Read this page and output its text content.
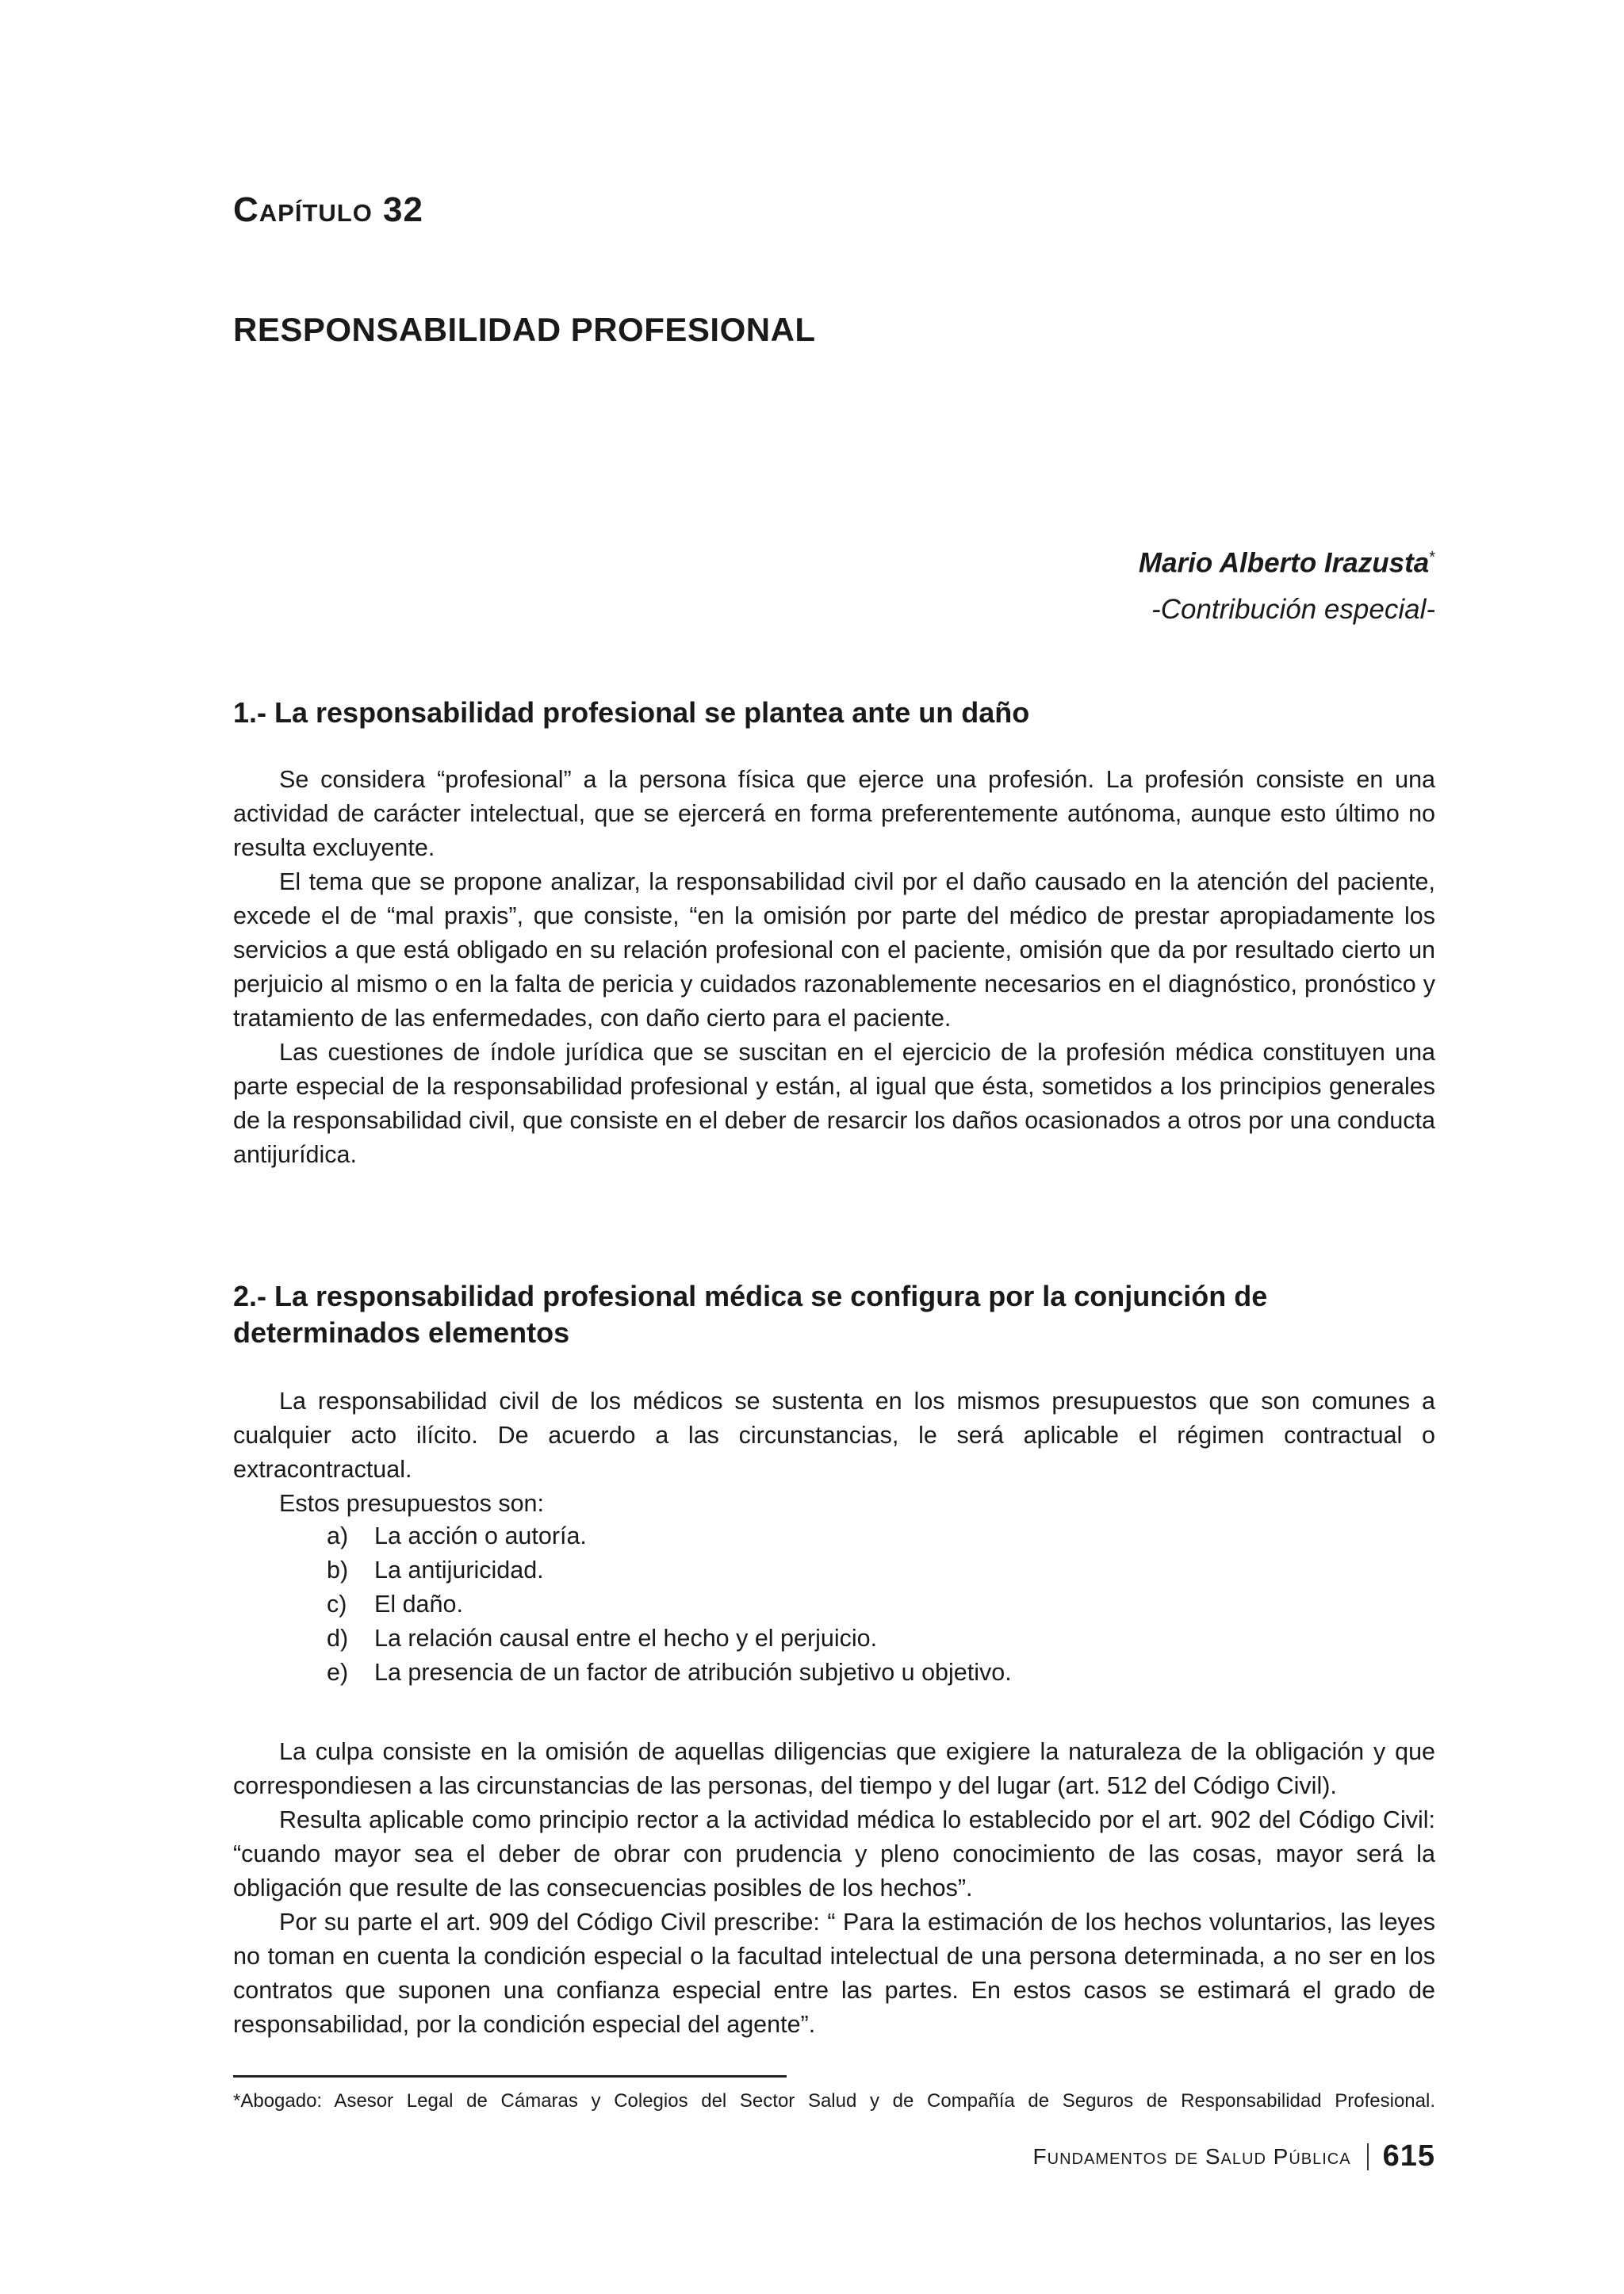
Capítulo 32
RESPONSABILIDAD PROFESIONAL
Mario Alberto Irazusta*
-Contribución especial-
1.- La responsabilidad profesional se plantea ante un daño

Se considera “profesional” a la persona física que ejerce una profesión. La profesión consiste en una actividad de carácter intelectual, que se ejercerá en forma preferentemente autónoma, aunque esto último no resulta excluyente.

El tema que se propone analizar, la responsabilidad civil por el daño causado en la atención del paciente, excede el de “mal praxis”, que consiste, “en la omisión por parte del médico de prestar apropiadamente los servicios a que está obligado en su relación profesional con el paciente, omisión que da por resultado cierto un perjuicio al mismo o en la falta de pericia y cuidados razonablemente necesarios en el diagnóstico, pronóstico y tratamiento de las enfermedades, con daño cierto para el paciente.

Las cuestiones de índole jurídica que se suscitan en el ejercicio de la profesión médica constituyen una parte especial de la responsabilidad profesional y están, al igual que ésta, sometidos a los principios generales de la responsabilidad civil, que consiste en el deber de resarcir los daños ocasionados a otros por una conducta antijurídica.

2.- La responsabilidad profesional médica se configura por la conjunción de determinados elementos

La responsabilidad civil de los médicos se sustenta en los mismos presupuestos que son comunes a cualquier acto ilícito. De acuerdo a las circunstancias, le será aplicable el régimen contractual o extracontractual.

Estos presupuestos son:

a) La acción o autoría.
b) La antijuricidad.
c) El daño.
d) La relación causal entre el hecho y el perjuicio.
e) La presencia de un factor de atribución subjetivo u objetivo.

La culpa consiste en la omisión de aquellas diligencias que exigiere la naturaleza de la obligación y que correspondiesen a las circunstancias de las personas, del tiempo y del lugar (art. 512 del Código Civil).

Resulta aplicable como principio rector a la actividad médica lo establecido por el art. 902 del Código Civil: “cuando mayor sea el deber de obrar con prudencia y pleno conocimiento de las cosas, mayor será la obligación que resulte de las consecuencias posibles de los hechos”.

Por su parte el art. 909 del Código Civil prescribe: “ Para la estimación de los hechos voluntarios, las leyes no toman en cuenta la condición especial o la facultad intelectual de una persona determinada, a no ser en los contratos que suponen una confianza especial entre las partes. En estos casos se estimará el grado de responsabilidad, por la condición especial del agente”.

*Abogado: Asesor Legal de Cámaras y Colegios del Sector Salud y de Compañía de Seguros de Responsabilidad Profesional.
Fundamentos de Salud Pública 615
